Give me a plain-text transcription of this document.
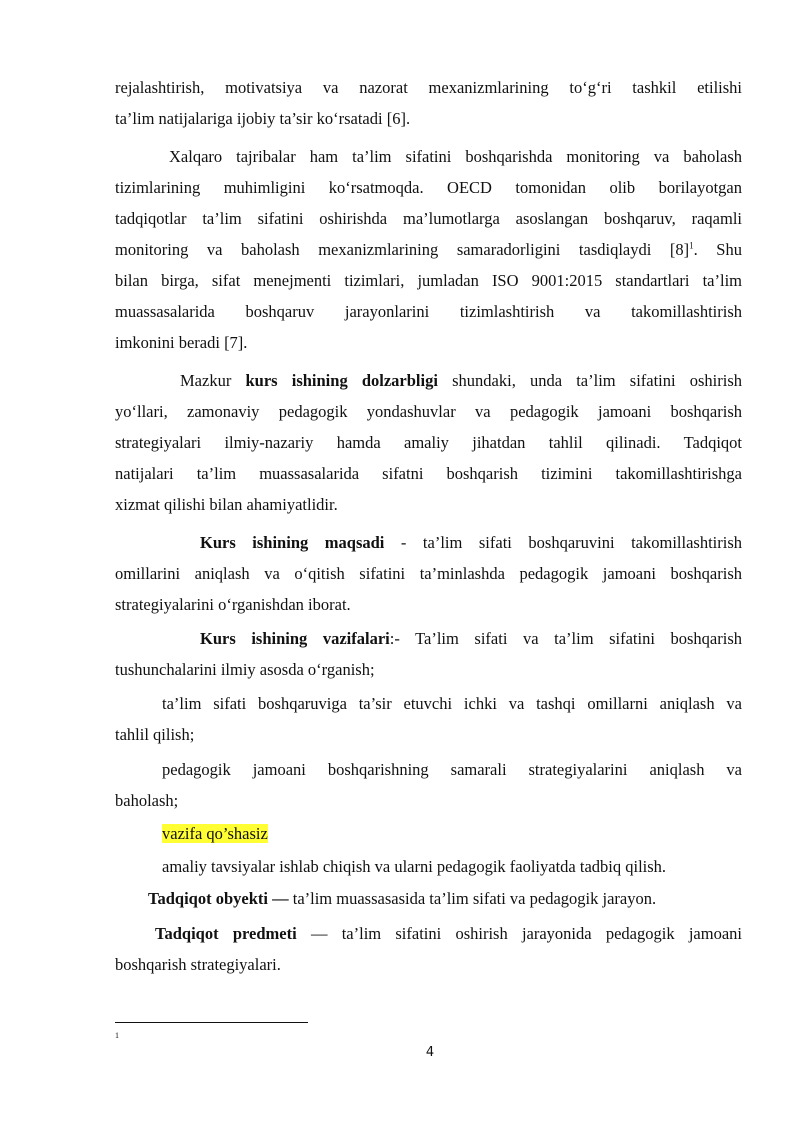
rejalashtirish, motivatsiya va nazorat mexanizmlarining to‘g‘ri tashkil etilishi
ta’lim natijalariga ijobiy ta’sir ko‘rsatadi [6].
Xalqaro tajribalar ham ta’lim sifatini boshqarishda monitoring va baholash
tizimlarining muhimligini ko‘rsatmoqda. OECD tomonidan olib borilayotgan
tadqiqotlar ta’lim sifatini oshirishda ma’lumotlarga asoslangan boshqaruv, raqamli
monitoring va baholash mexanizmlarining samaradorligini tasdiqlaydi $[8]^1$. Shu
bilan birga, sifat menejmenti tizimlari, jumladan ISO 9001:2015 standartlari ta’lim
muassasalarida boshqaruv jarayonlarini tizimlashtirish va takomillashtirish
imkonini beradi [7].
Mazkur kurs ishining dolzarbligi shundaki, unda ta’lim sifatini oshirish
yo‘llari, zamonaviy pedagogik yondashuvlar va pedagogik jamoani boshqarish
strategiyalari ilmiy-nazariy hamda amaliy jihatdan tahlil qilinadi. Tadqiqot
natijalari ta’lim muassasalarida sifatni boshqarish tizimini takomillashtirishga
xizmat qilishi bilan ahamiyatlidir.
Kurs ishining maqsadi - ta’lim sifati boshqaruvini takomillashtirish
omillarini aniqlash va o‘qitish sifatini ta’minlashda pedagogik jamoani boshqarish
strategiyalarini o‘rganishdan iborat.
Kurs ishining vazifalari:- Ta’lim sifati va ta’lim sifatini boshqarish
tushunchalarini ilmiy asosda o‘rganish;
ta’lim sifati boshqaruviga ta’sir etuvchi ichki va tashqi omillarni aniqlash va
tahlil qilish;
pedagogik jamoani boshqarishning samarali strategiyalarini aniqlash va
baholash;
vazifa qo’shasiz
amaliy tavsiyalar ishlab chiqish va ularni pedagogik faoliyatda tadbiq qilish.
Tadqiqot obyekti — ta’lim muassasasida ta’lim sifati va pedagogik jarayon.
Tadqiqot predmeti — ta’lim sifatini oshirish jarayonida pedagogik jamoani
boshqarish strategiyalari.
1
4
